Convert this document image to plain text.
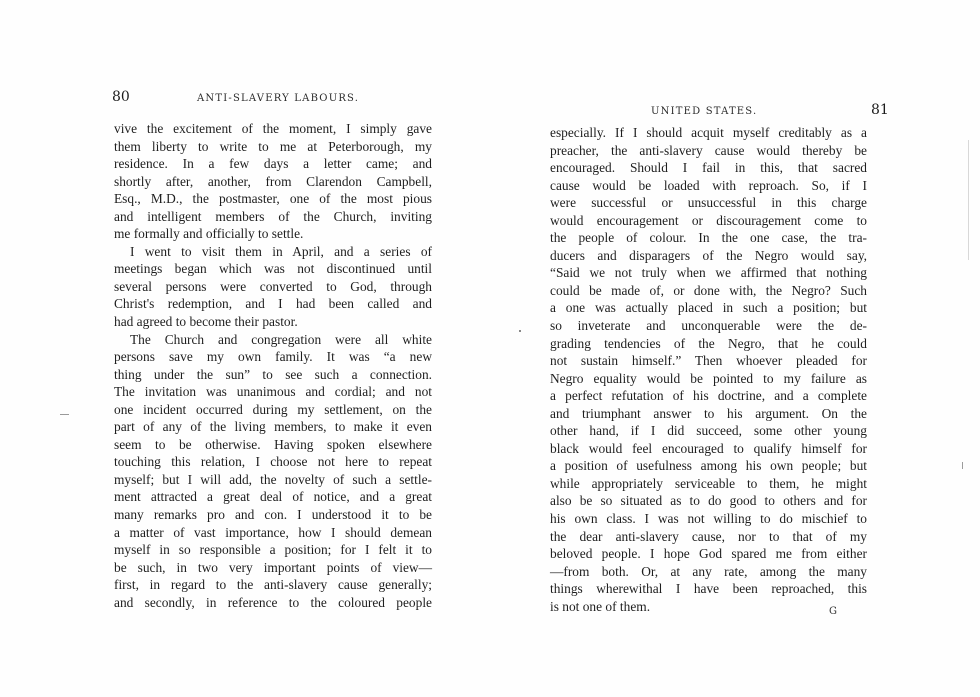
80	ANTI-SLAVERY LABOURS.
vive the excitement of the moment, I simply gave
them liberty to write to me at Peterborough, my
residence. In a few days a letter came; and
shortly after, another, from Clarendon Campbell,
Esq., M.D., the postmaster, one of the most pious
and intelligent members of the Church, inviting
me formally and officially to settle.
I went to visit them in April, and a series of
meetings began which was not discontinued until
several persons were converted to God, through
Christ's redemption, and I had been called and
had agreed to become their pastor.
The Church and congregation were all white
persons save my own family. It was “a new
thing under the sun” to see such a connection.
The invitation was unanimous and cordial; and not
one incident occurred during my settlement, on the
part of any of the living members, to make it even
seem to be otherwise. Having spoken elsewhere
touching this relation, I choose not here to repeat
myself; but I will add, the novelty of such a settle-
ment attracted a great deal of notice, and a great
many remarks pro and con. I understood it to be
a matter of vast importance, how I should demean
myself in so responsible a position; for I felt it to
be such, in two very important points of view—
first, in regard to the anti-slavery cause generally;
and secondly, in reference to the coloured people
UNITED STATES.	81
especially. If I should acquit myself creditably as a
preacher, the anti-slavery cause would thereby be
encouraged. Should I fail in this, that sacred
cause would be loaded with reproach. So, if I
were successful or unsuccessful in this charge
would encouragement or discouragement come to
the people of colour. In the one case, the tra-
ducers and disparagers of the Negro would say,
“Said we not truly when we affirmed that nothing
could be made of, or done with, the Negro? Such
a one was actually placed in such a position; but
so inveterate and unconquerable were the de-
grading tendencies of the Negro, that he could
not sustain himself.” Then whoever pleaded for
Negro equality would be pointed to my failure as
a perfect refutation of his doctrine, and a complete
and triumphant answer to his argument. On the
other hand, if I did succeed, some other young
black would feel encouraged to qualify himself for
a position of usefulness among his own people; but
while appropriately serviceable to them, he might
also be so situated as to do good to others and for
his own class. I was not willing to do mischief to
the dear anti-slavery cause, nor to that of my
beloved people. I hope God spared me from either
—from both. Or, at any rate, among the many
things wherewithal I have been reproached, this
is not one of them.	G
